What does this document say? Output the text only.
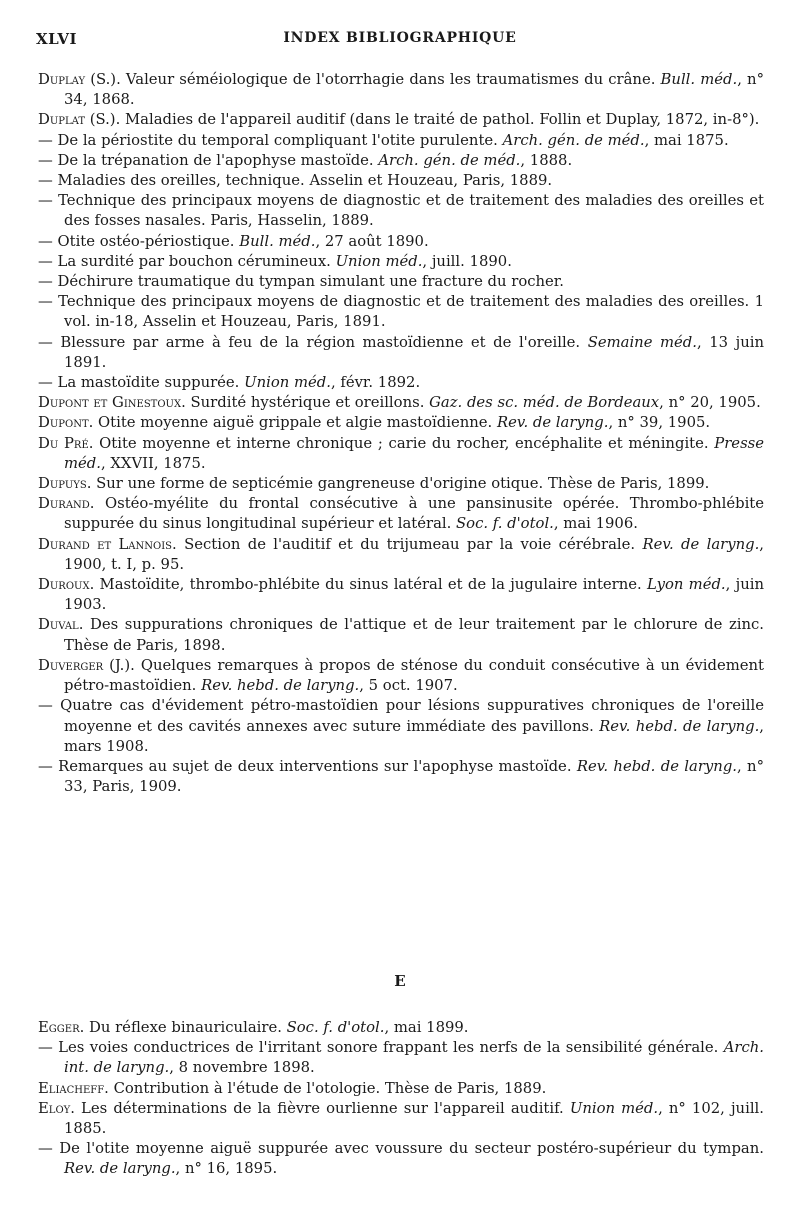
XLVI	INDEX BIBLIOGRAPHIQUE
Duplay (S.). Valeur séméiologique de l'otorrhagie dans les traumatismes du crâne. Bull. méd., n° 34, 1868.
Duplat (S.). Maladies de l'appareil auditif (dans le traité de pathol. Follin et Duplay, 1872, in-8°).
— De la périostite du temporal compliquant l'otite purulente. Arch. gén. de méd., mai 1875.
— De la trépanation de l'apophyse mastoïde. Arch. gén. de méd., 1888.
— Maladies des oreilles, technique. Asselin et Houzeau, Paris, 1889.
— Technique des principaux moyens de diagnostic et de traitement des maladies des oreilles et des fosses nasales. Paris, Hasselin, 1889.
— Otite ostéo-périostique. Bull. méd., 27 août 1890.
— La surdité par bouchon cérumineux. Union méd., juill. 1890.
— Déchirure traumatique du tympan simulant une fracture du rocher.
— Technique des principaux moyens de diagnostic et de traitement des maladies des oreilles. 1 vol. in-18, Asselin et Houzeau, Paris, 1891.
— Blessure par arme à feu de la région mastoïdienne et de l'oreille. Semaine méd., 13 juin 1891.
— La mastoïdite suppurée. Union méd., févr. 1892.
Dupont et Ginestoux. Surdité hystérique et oreillons. Gaz. des sc. méd. de Bordeaux, n° 20, 1905.
Dupont. Otite moyenne aiguë grippale et algie mastoïdienne. Rev. de laryng., n° 39, 1905.
Du Pré. Otite moyenne et interne chronique ; carie du rocher, encéphalite et méningite. Presse méd., XXVII, 1875.
Dupuys. Sur une forme de septicémie gangreneuse d'origine otique. Thèse de Paris, 1899.
Durand. Ostéo-myélite du frontal consécutive à une pansinusite opérée. Thrombo-phlébite suppurée du sinus longitudinal supérieur et latéral. Soc. f. d'otol., mai 1906.
Durand et Lannois. Section de l'auditif et du trijumeau par la voie cérébrale. Rev. de laryng., 1900, t. I, p. 95.
Duroux. Mastoïdite, thrombo-phlébite du sinus latéral et de la jugulaire interne. Lyon méd., juin 1903.
Duval. Des suppurations chroniques de l'attique et de leur traitement par le chlorure de zinc. Thèse de Paris, 1898.
Duverger (J.). Quelques remarques à propos de sténose du conduit consécutive à un évidement pétro-mastoïdien. Rev. hebd. de laryng., 5 oct. 1907.
— Quatre cas d'évidement pétro-mastoïdien pour lésions suppuratives chroniques de l'oreille moyenne et des cavités annexes avec suture immédiate des pavillons. Rev. hebd. de laryng., mars 1908.
— Remarques au sujet de deux interventions sur l'apophyse mastoïde. Rev. hebd. de laryng., n° 33, Paris, 1909.
E
Egger. Du réflexe binauriculaire. Soc. f. d'otol., mai 1899.
— Les voies conductrices de l'irritant sonore frappant les nerfs de la sensibilité générale. Arch. int. de laryng., 8 novembre 1898.
Eliacheff. Contribution à l'étude de l'otologie. Thèse de Paris, 1889.
Eloy. Les déterminations de la fièvre ourlienne sur l'appareil auditif. Union méd., n° 102, juill. 1885.
— De l'otite moyenne aiguë suppurée avec voussure du secteur postéro-supérieur du tympan. Rev. de laryng., n° 16, 1895.
